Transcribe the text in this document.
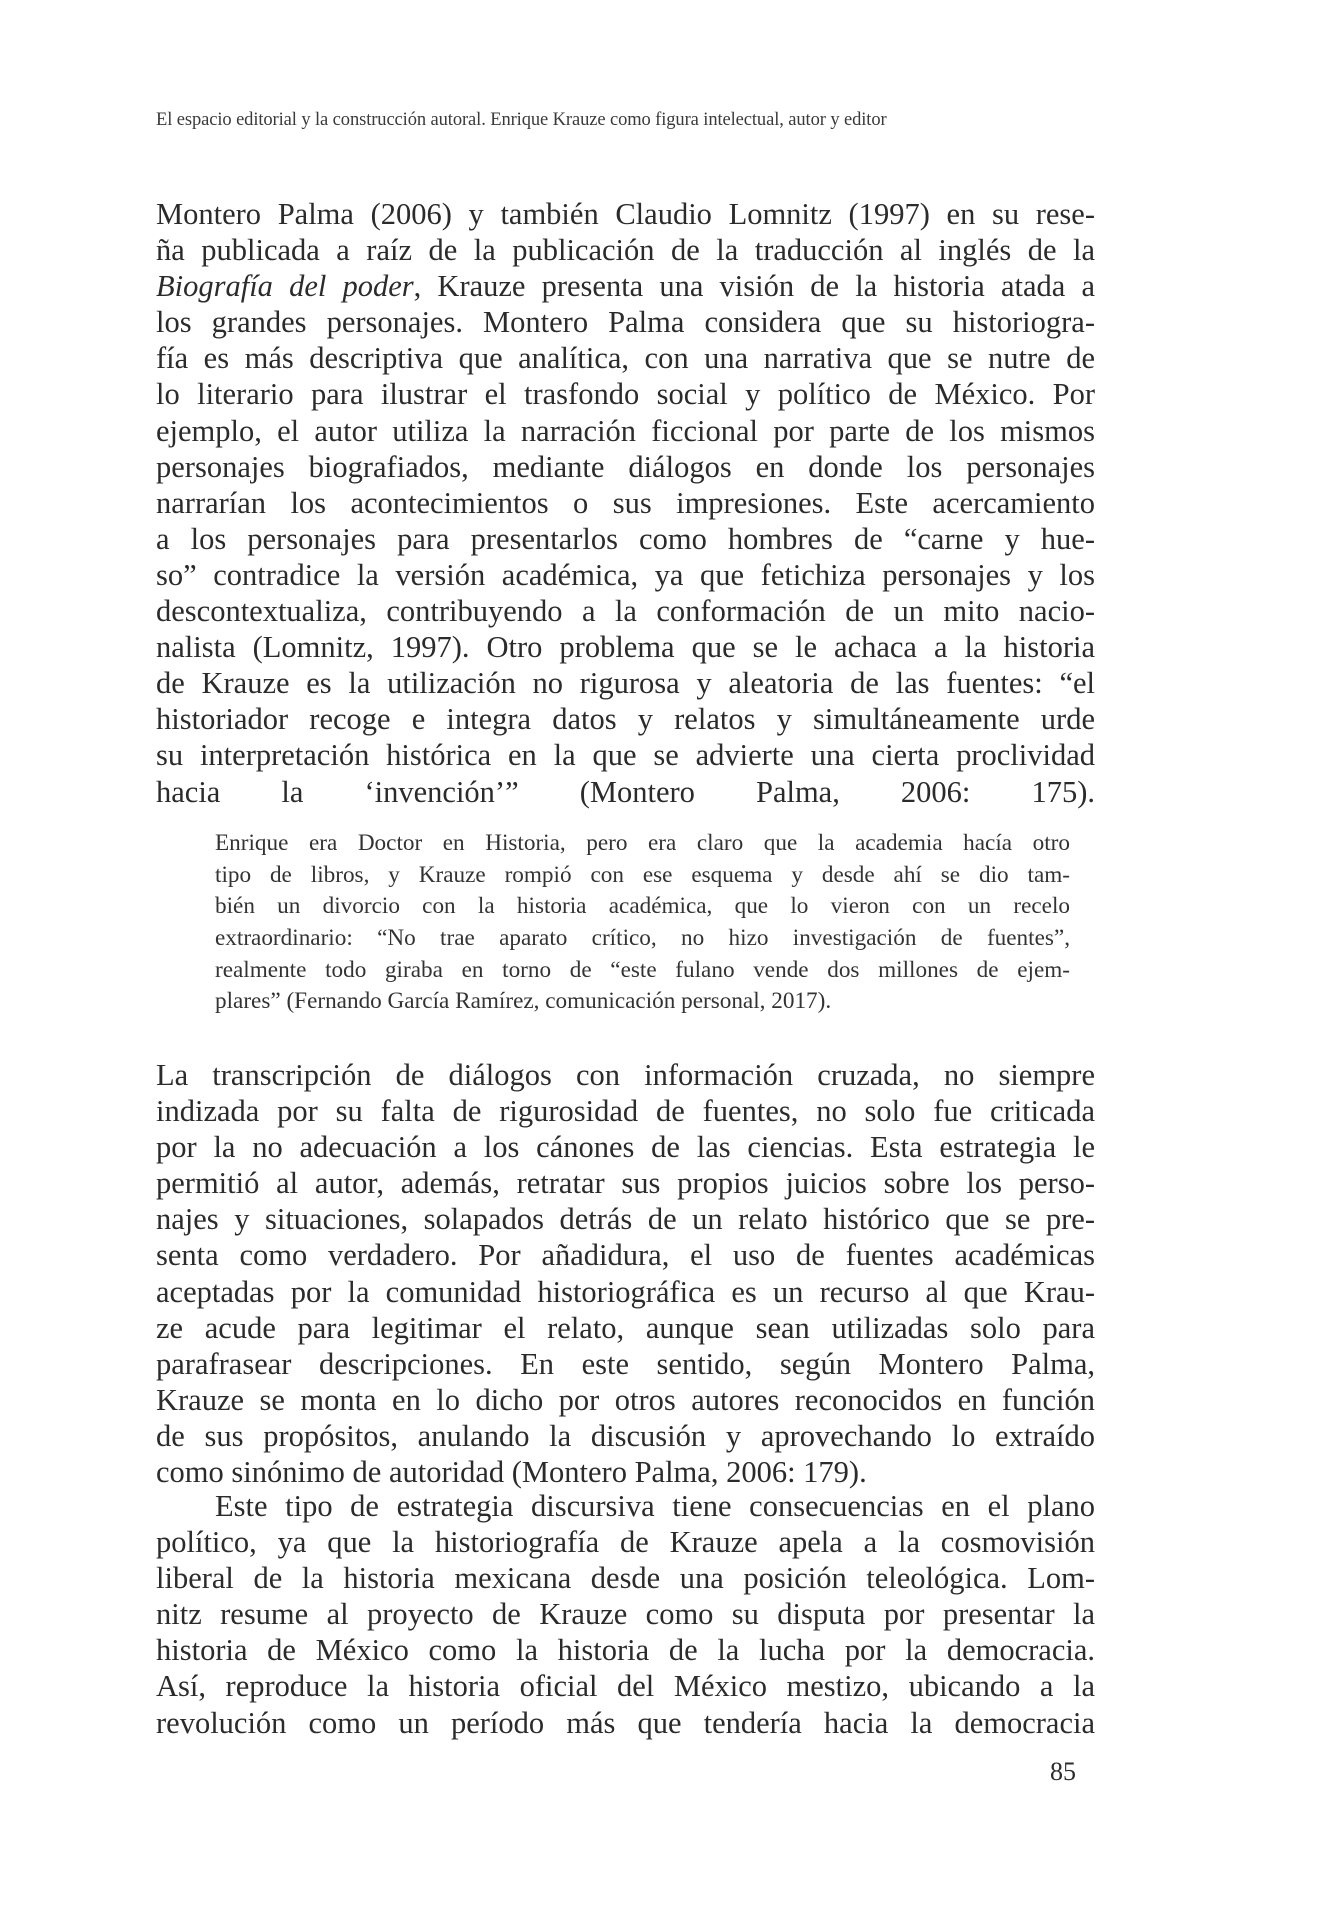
El espacio editorial y la construcción autoral. Enrique Krauze como figura intelectual, autor y editor
Montero Palma (2006) y también Claudio Lomnitz (1997) en su rese-
ña publicada a raíz de la publicación de la traducción al inglés de la
Biografía del poder, Krauze presenta una visión de la historia atada a
los grandes personajes. Montero Palma considera que su historiogra-
fía es más descriptiva que analítica, con una narrativa que se nutre de
lo literario para ilustrar el trasfondo social y político de México. Por
ejemplo, el autor utiliza la narración ficcional por parte de los mismos
personajes biografiados, mediante diálogos en donde los personajes
narrarían los acontecimientos o sus impresiones. Este acercamiento
a los personajes para presentarlos como hombres de “carne y hue-
so” contradice la versión académica, ya que fetichiza personajes y los
descontextualiza, contribuyendo a la conformación de un mito nacio-
nalista (Lomnitz, 1997). Otro problema que se le achaca a la historia
de Krauze es la utilización no rigurosa y aleatoria de las fuentes: “el
historiador recoge e integra datos y relatos y simultáneamente urde
su interpretación histórica en la que se advierte una cierta proclividad
hacia la ‘invención’” (Montero Palma, 2006: 175).
Enrique era Doctor en Historia, pero era claro que la academia hacía otro
tipo de libros, y Krauze rompió con ese esquema y desde ahí se dio tam-
bién un divorcio con la historia académica, que lo vieron con un recelo
extraordinario: “No trae aparato crítico, no hizo investigación de fuentes”,
realmente todo giraba en torno de “este fulano vende dos millones de ejem-
plares” (Fernando García Ramírez, comunicación personal, 2017).
La transcripción de diálogos con información cruzada, no siempre
indizada por su falta de rigurosidad de fuentes, no solo fue criticada
por la no adecuación a los cánones de las ciencias. Esta estrategia le
permitió al autor, además, retratar sus propios juicios sobre los perso-
najes y situaciones, solapados detrás de un relato histórico que se pre-
senta como verdadero. Por añadidura, el uso de fuentes académicas
aceptadas por la comunidad historiográfica es un recurso al que Krau-
ze acude para legitimar el relato, aunque sean utilizadas solo para
parafrasear descripciones. En este sentido, según Montero Palma,
Krauze se monta en lo dicho por otros autores reconocidos en función
de sus propósitos, anulando la discusión y aprovechando lo extraído
como sinónimo de autoridad (Montero Palma, 2006: 179).
Este tipo de estrategia discursiva tiene consecuencias en el plano
político, ya que la historiografía de Krauze apela a la cosmovisión
liberal de la historia mexicana desde una posición teleológica. Lom-
nitz resume al proyecto de Krauze como su disputa por presentar la
historia de México como la historia de la lucha por la democracia.
Así, reproduce la historia oficial del México mestizo, ubicando a la
revolución como un período más que tendería hacia la democracia
85
